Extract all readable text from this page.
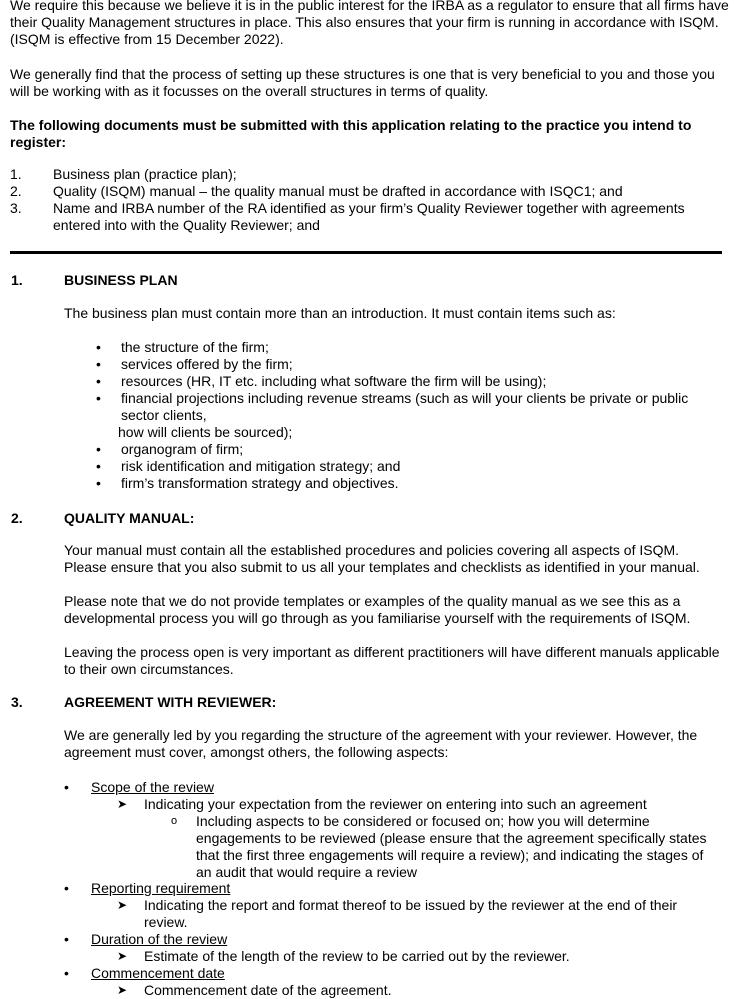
We require this because we believe it is in the public interest for the IRBA as a regulator to ensure that all firms have their Quality Management structures in place. This also ensures that your firm is running in accordance with ISQM. (ISQM is effective from 15 December 2022).

We generally find that the process of setting up these structures is one that is very beneficial to you and those you will be working with as it focusses on the overall structures in terms of quality.

The following documents must be submitted with this application relating to the practice you intend to register:

1. Business plan (practice plan);
2. Quality (ISQM) manual – the quality manual must be drafted in accordance with ISQC1; and
3. Name and IRBA number of the RA identified as your firm’s Quality Reviewer together with agreements entered into with the Quality Reviewer; and
1.	BUSINESS PLAN
The business plan must contain more than an introduction. It must contain items such as:
• the structure of the firm;
• services offered by the firm;
• resources (HR, IT etc. including what software the firm will be using);
• financial projections including revenue streams (such as will your clients be private or public sector clients,
how will clients be sourced);
• organogram of firm;
• risk identification and mitigation strategy; and
• firm’s transformation strategy and objectives.
2.	QUALITY MANUAL:
Your manual must contain all the established procedures and policies covering all aspects of ISQM. Please ensure that you also submit to us all your templates and checklists as identified in your manual.
Please note that we do not provide templates or examples of the quality manual as we see this as a developmental process you will go through as you familiarise yourself with the requirements of ISQM.
Leaving the process open is very important as different practitioners will have different manuals applicable to their own circumstances.
3.	AGREEMENT WITH REVIEWER:
We are generally led by you regarding the structure of the agreement with your reviewer. However, the agreement must cover, amongst others, the following aspects:
• Scope of the review
➤ Indicating your expectation from the reviewer on entering into such an agreement
o Including aspects to be considered or focused on; how you will determine engagements to be reviewed (please ensure that the agreement specifically states that the first three engagements will require a review); and indicating the stages of an audit that would require a review
• Reporting requirement
➤ Indicating the report and format thereof to be issued by the reviewer at the end of their review.
• Duration of the review
➤ Estimate of the length of the review to be carried out by the reviewer.
• Commencement date
➤ Commencement date of the agreement.
